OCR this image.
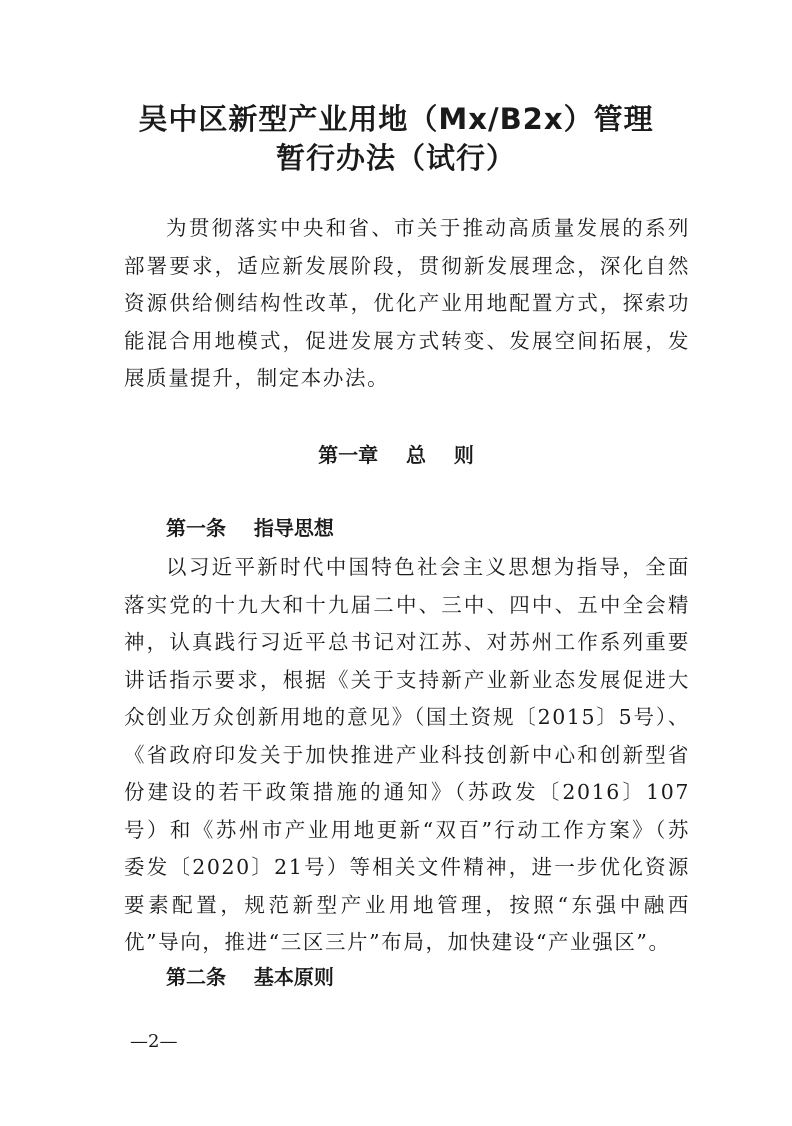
吴中区新型产业用地（Mx/B2x）管理
暂行办法（试行）

为贯彻落实中央和省、市关于推动高质量发展的系列部署要求，适应新发展阶段，贯彻新发展理念，深化自然资源供给侧结构性改革，优化产业用地配置方式，探索功能混合用地模式，促进发展方式转变、发展空间拓展，发展质量提升，制定本办法。

第一章    总    则
第一条    指导思想

以习近平新时代中国特色社会主义思想为指导，全面落实党的十九大和十九届二中、三中、四中、五中全会精神，认真践行习近平总书记对江苏、对苏州工作系列重要讲话指示要求，根据《关于支持新产业新业态发展促进大众创业万众创新用地的意见》（国土资规〔2015〕5号）、《省政府印发关于加快推进产业科技创新中心和创新型省份建设的若干政策措施的通知》（苏政发〔2016〕107号）和《苏州市产业用地更新“双百”行动工作方案》（苏委发〔2020〕21号）等相关文件精神，进一步优化资源要素配置，规范新型产业用地管理，按照“东强中融西优”导向，推进“三区三片”布局，加快建设“产业强区”。

第二条    基本原则
—2—
